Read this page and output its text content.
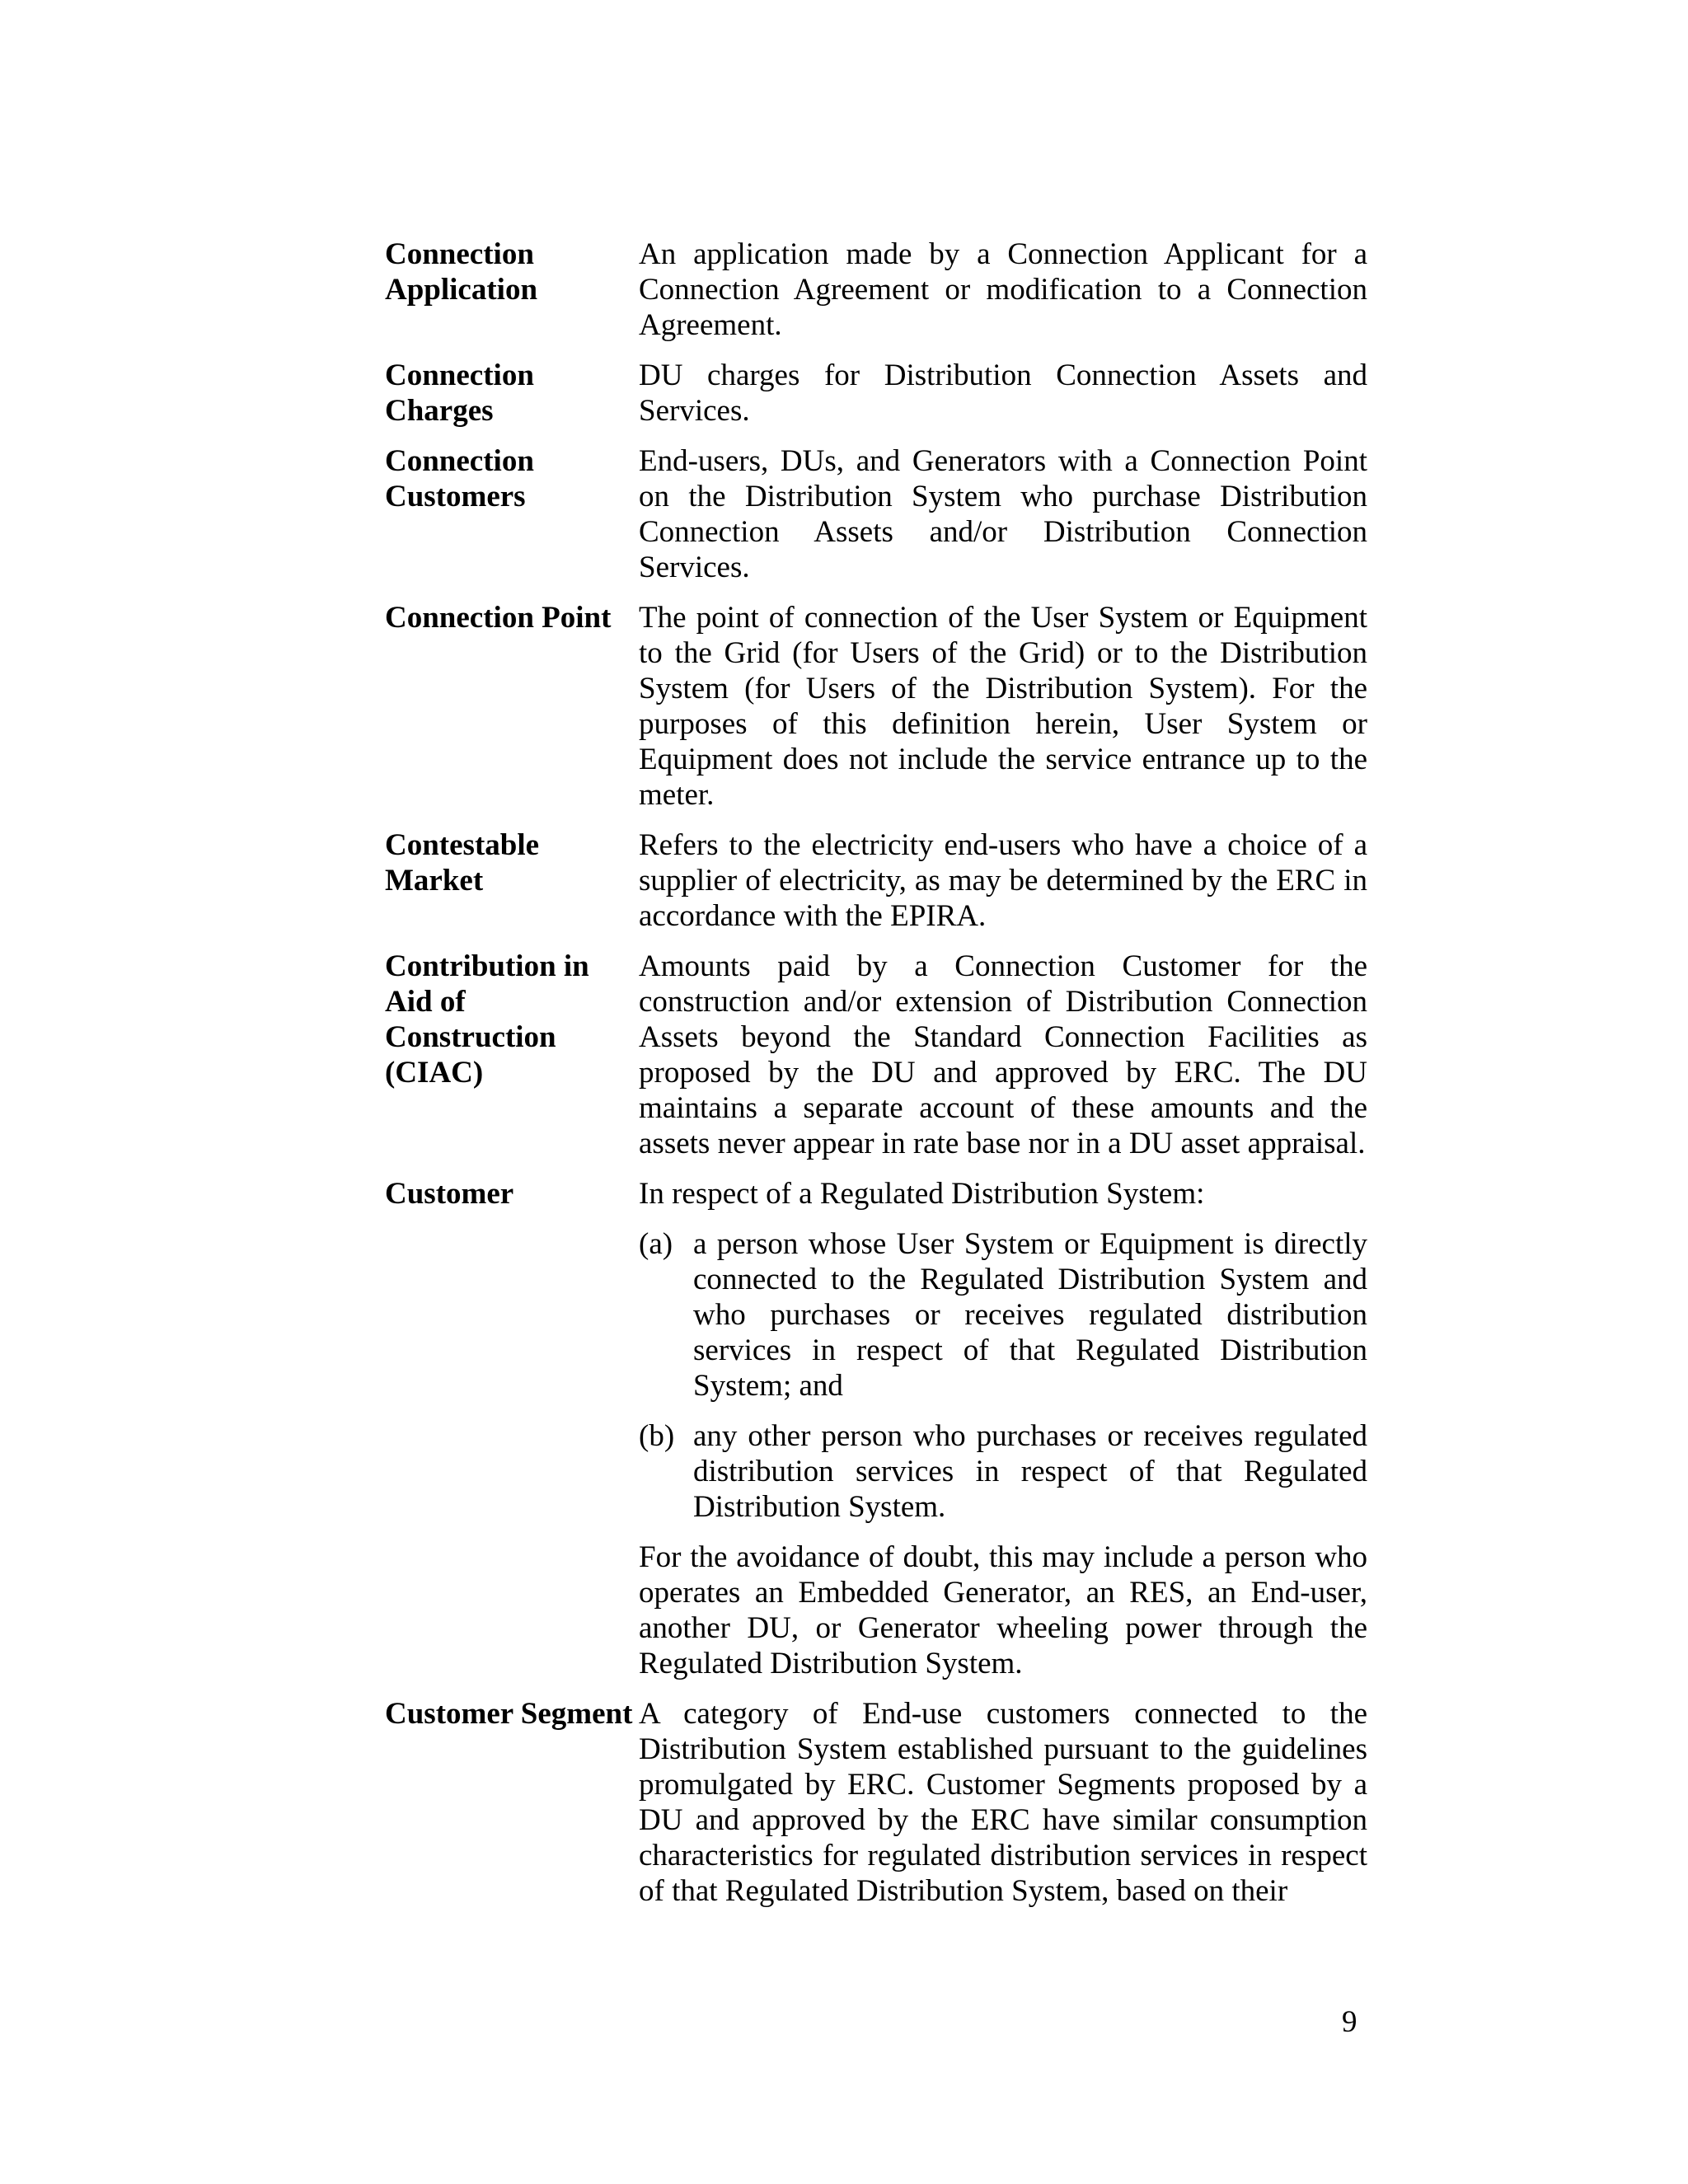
Connection Application

An application made by a Connection Applicant for a Connection Agreement or modification to a Connection Agreement.

Connection Charges

DU charges for Distribution Connection Assets and Services.

Connection Customers

End-users, DUs, and Generators with a Connection Point on the Distribution System who purchase Distribution Connection Assets and/or Distribution Connection Services.

Connection Point The point of connection of the User System or Equipment to the Grid (for Users of the Grid) or to the Distribution System (for Users of the Distribution System). For the purposes of this definition herein, User System or Equipment does not include the service entrance up to the meter.

Contestable Market

Refers to the electricity end-users who have a choice of a supplier of electricity, as may be determined by the ERC in accordance with the EPIRA.

Contribution in Aid of Construction (CIAC)

Amounts paid by a Connection Customer for the construction and/or extension of Distribution Connection Assets beyond the Standard Connection Facilities as proposed by the DU and approved by ERC. The DU maintains a separate account of these amounts and the assets never appear in rate base nor in a DU asset appraisal.

Customer	In respect of a Regulated Distribution System:

(a) a person whose User System or Equipment is directly connected to the Regulated Distribution System and who purchases or receives regulated distribution services in respect of that Regulated Distribution System; and
(b) any other person who purchases or receives regulated distribution services in respect of that Regulated Distribution System.

For the avoidance of doubt, this may include a person who operates an Embedded Generator, an RES, an End-user, another DU, or Generator wheeling power through the Regulated Distribution System.

Customer Segment A category of End-use customers connected to the Distribution System established pursuant to the guidelines promulgated by ERC. Customer Segments proposed by a DU and approved by the ERC have similar consumption characteristics for regulated distribution services in respect of that Regulated Distribution System, based on their

9
